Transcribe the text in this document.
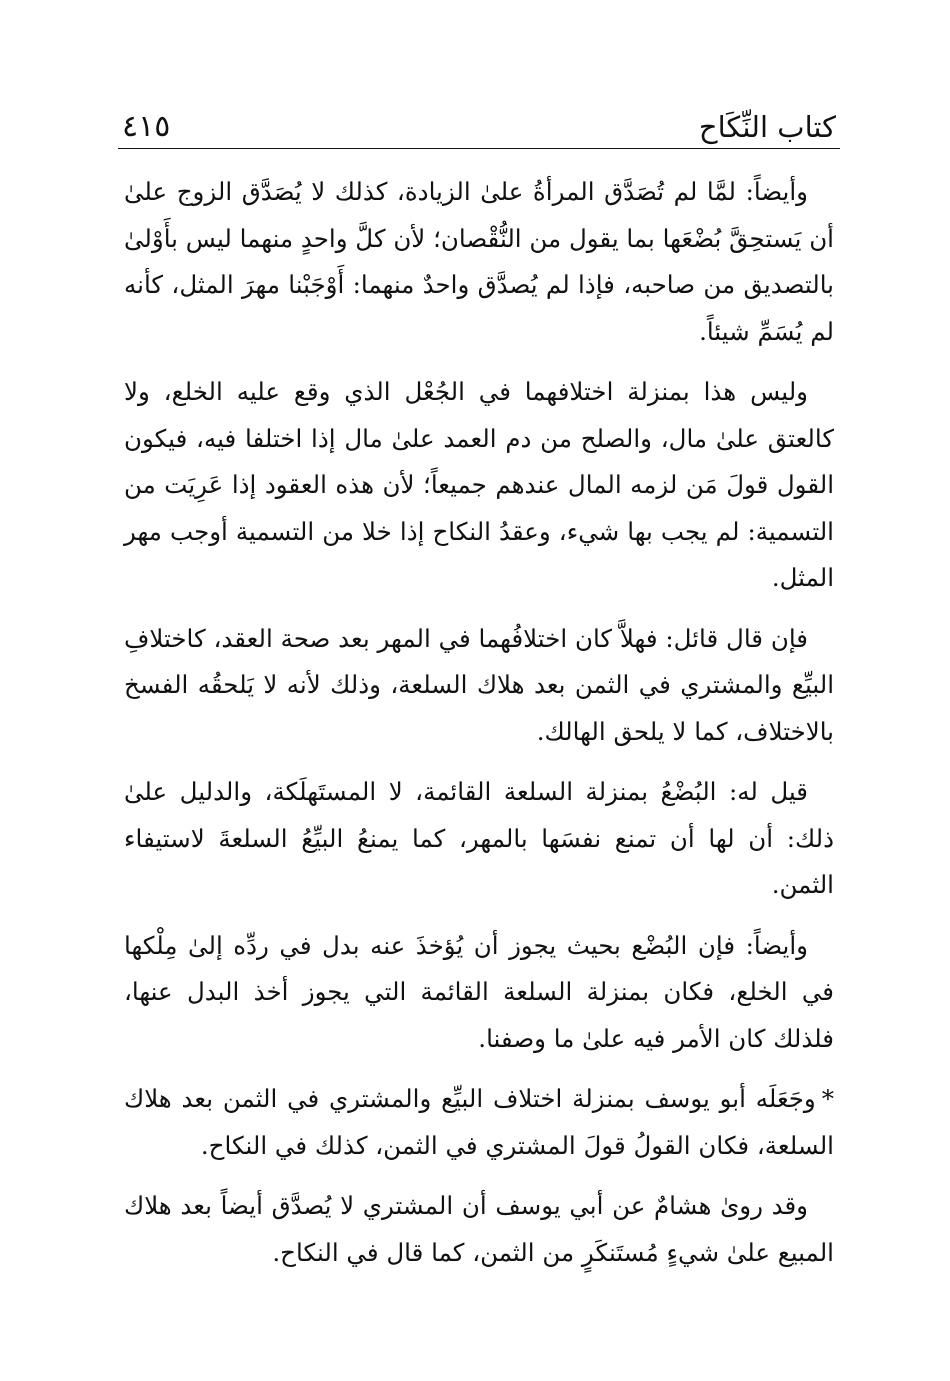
كتاب النِّكَاح
٤١٥

وأيضاً: لمَّا لم تُصَدَّق المرأةُ علىٰ الزيادة، كذلك لا يُصَدَّق الزوج علىٰ أن يَستحِقَّ بُضْعَها بما يقول من النُّقْصان؛ لأن كلَّ واحدٍ منهما ليس بأَوْلىٰ بالتصديق من صاحبه، فإذا لم يُصدَّق واحدٌ منهما: أَوْجَبْنا مهرَ المثل، كأنه لم يُسَمِّ شيئاً.

وليس هذا بمنزلة اختلافهما في الجُعْل الذي وقع عليه الخلع، ولا كالعتق علىٰ مال، والصلح من دم العمد علىٰ مال إذا اختلفا فيه، فيكون القول قولَ مَن لزمه المال عندهم جميعاً؛ لأن هذه العقود إذا عَرِيَت من التسمية: لم يجب بها شيء، وعقدُ النكاح إذا خلا من التسمية أوجب مهر المثل.

فإن قال قائل: فهلاَّ كان اختلافُهما في المهر بعد صحة العقد، كاختلافِ البيِّع والمشتري في الثمن بعد هلاك السلعة، وذلك لأنه لا يَلحقُه الفسخ بالاختلاف، كما لا يلحق الهالك.

قيل له: البُضْعُ بمنزلة السلعة القائمة، لا المستَهلَكة، والدليل علىٰ ذلك: أن لها أن تمنع نفسَها بالمهر، كما يمنعُ البيِّعُ السلعةَ لاستيفاء الثمن.

وأيضاً: فإن البُضْع بحيث يجوز أن يُؤخذَ عنه بدل في ردِّه إلىٰ مِلْكها في الخلع، فكان بمنزلة السلعة القائمة التي يجوز أخذ البدل عنها، فلذلك كان الأمر فيه علىٰ ما وصفنا.

*وجَعَلَه أبو يوسف بمنزلة اختلاف البيِّع والمشتري في الثمن بعد هلاك السلعة، فكان القولُ قولَ المشتري في الثمن، كذلك في النكاح.

وقد روىٰ هشامٌ عن أبي يوسف أن المشتري لا يُصدَّق أيضاً بعد هلاك المبيع علىٰ شيءٍ مُستَنكَرٍ من الثمن، كما قال في النكاح.
